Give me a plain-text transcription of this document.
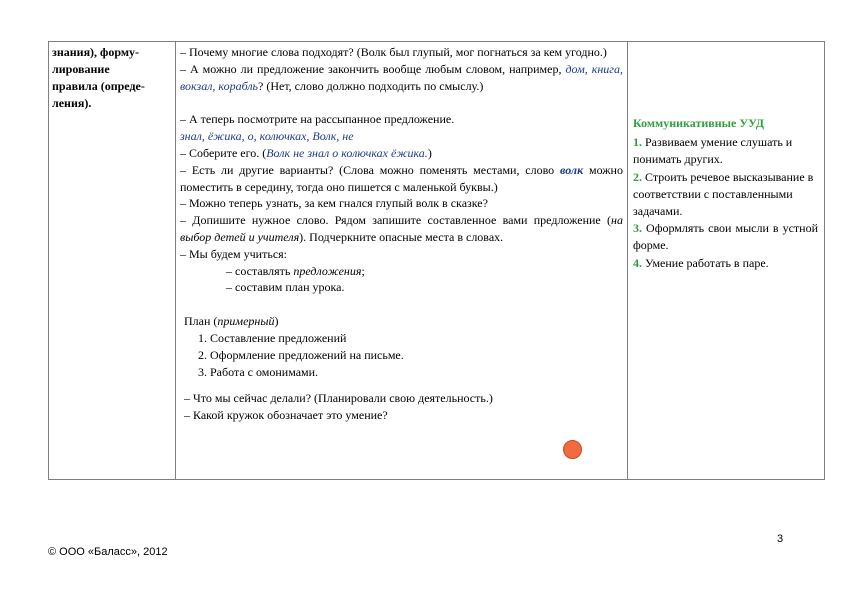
знания), форму-

лирование

правила (опреде-

ления).

– Почему многие слова подходят? (Волк был глупый, мог погнаться за кем угодно.)

– А можно ли предложение закончить вообще любым словом, например, дом, книга, вокзал, корабль? (Нет, слово должно подходить по смыслу.)

– А теперь посмотрите на рассыпанное предложение.

знал, ёжика, о, колючках, Волк, не

– Соберите его. (Волк не знал о колючках ёжика.)

– Есть ли другие варианты? (Слова можно поменять местами, слово волк можно поместить в середину, тогда оно пишется с маленькой буквы.)

– Можно теперь узнать, за кем гнался глупый волк в сказке?

– Допишите нужное слово. Рядом запишите составленное вами предложение (на выбор детей и учителя). Подчеркните опасные места в словах.

– Мы будем учиться:

– составлять предложения;

– составим план урока.

План (примерный)

1. Составление предложений

2. Оформление предложений на письме.

3. Работа с омонимами.

– Что мы сейчас делали? (Планировали свою деятельность.)

– Какой кружок обозначает это умение?

Коммуникативные УУД

1. Развиваем умение слушать и понимать других.

2. Строить речевое высказывание в соответствии с поставленными задачами.

3. Оформлять свои мысли в устной форме.

4. Умение работать в паре.

3
© ООО «Баласс», 2012
